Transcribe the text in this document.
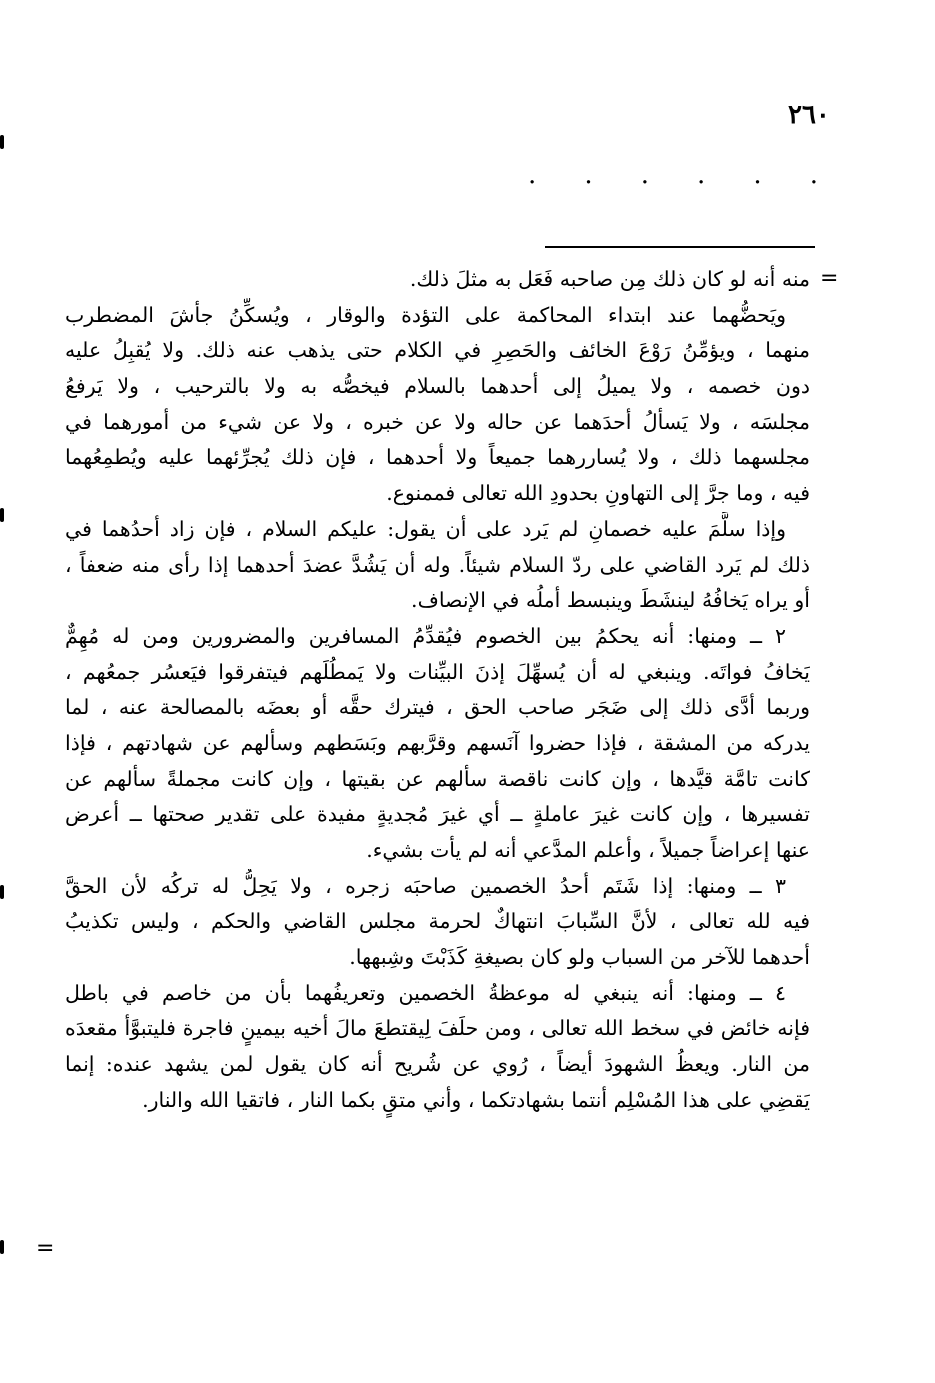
٢٦٠
.
.
.
.
.
.
=
=
منه أنه لو كان ذلك مِن صاحبه فَعَل به مثلَ ذلك.
ويَحضُّهما عند ابتداء المحاكمة على التؤدة والوقار ، ويُسكِّنُ جأشَ المضطرب
منهما ، ويؤمِّنُ رَوْعَ الخائف والحَصِرِ في الكلام حتى يذهب عنه ذلك. ولا يُقبِلُ عليه
دون خصمه ، ولا يميلُ إلى أحدهما بالسلام فيخصُّه به ولا بالترحيب ، ولا يَرفعُ
مجلسَه ، ولا يَسألُ أحدَهما عن حاله ولا عن خبره ، ولا عن شيء من أمورهما في
مجلسهما ذلك ، ولا يُساررهما جميعاً ولا أحدهما ، فإن ذلك يُجرِّئهما عليه ويُطمِعُهما
فيه ، وما جرَّ إلى التهاونِ بحدودِ الله تعالى فممنوع.
وإذا سلَّمَ عليه خصمانِ لم يَرد على أن يقول: عليكم السلام ، فإن زاد أحدُهما في
ذلك لم يَرد القاضي على ردّ السلام شيئاً. وله أن يَشُدَّ عضدَ أحدهما إذا رأى منه ضعفاً ،
أو يراه يَخافُهُ لينشَطَ وينبسط أملُه في الإنصاف.
٢ ــ ومنها: أنه يحكمُ بين الخصوم فيُقدِّمُ المسافرين والمضرورين ومن له مُهِمٌّ
يَخافُ فواتَه. وينبغي له أن يُسهِّلَ إذنَ البيِّنات ولا يَمطُلَهم فيتفرقوا فيَعسُر جمعُهم ،
وربما أدَّى ذلك إلى ضَجَر صاحب الحق ، فيترك حقَّه أو بعضَه بالمصالحة عنه ، لما
يدركه من المشقة ، فإذا حضروا آنَسهم وقرَّبهم وبَسَطهم وسألهم عن شهادتهم ، فإذا
كانت تامَّة قيَّدها ، وإن كانت ناقصة سألهم عن بقيتها ، وإن كانت مجملةً سألهم عن
تفسيرها ، وإن كانت غيرَ عاملةٍ ــ أي غيرَ مُجديةٍ مفيدة على تقدير صحتها ــ أعرض
عنها إعراضاً جميلاً ، وأعلم المدَّعي أنه لم يأت بشيء.
٣ ــ ومنها: إذا شَتَم أحدُ الخصمين صاحبَه زجره ، ولا يَحِلُّ له تركُه لأن الحقَّ
فيه لله تعالى ، لأنَّ السِّبابَ انتهاكٌ لحرمة مجلس القاضي والحكم ، وليس تكذيبُ
أحدهما للآخر من السباب ولو كان بصيغةِ كَذَبْتَ وشِبهها.
٤ ــ ومنها: أنه ينبغي له موعظةُ الخصمين وتعريفُهما بأن من خاصم في باطل
فإنه خائض في سخط الله تعالى ، ومن حلَفَ لِيقتطعَ مالَ أخيه بيمينٍ فاجرة فليتبوَّأ مقعدَه
من النار. ويعظُ الشهودَ أيضاً ، رُوي عن شُريح أنه كان يقول لمن يشهد عنده: إنما
يَقضِي على هذا المُسْلِم أنتما بشهادتكما ، وأني متقٍ بكما النار ، فاتقيا الله والنار.
